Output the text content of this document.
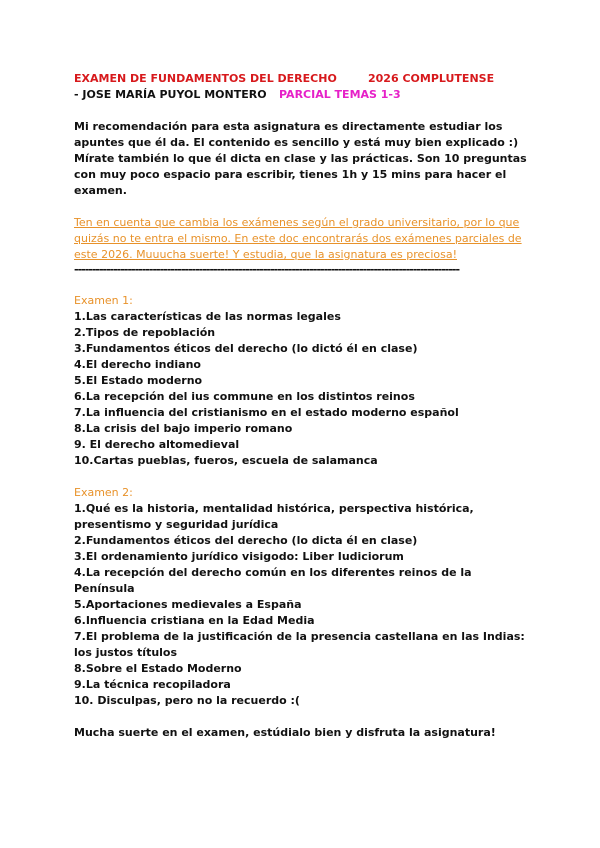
EXAMEN DE FUNDAMENTOS DEL DERECHO	2026 COMPLUTENSE
- JOSE MARÍA PUYOL MONTERO PARCIAL TEMAS 1-3

Mi recomendación para esta asignatura es directamente estudiar los apuntes que él da. El contenido es sencillo y está muy bien explicado :) Mírate también lo que él dicta en clase y las prácticas. Son 10 preguntas con muy poco espacio para escribir, tienes 1h y 15 mins para hacer el examen.

Ten en cuenta que cambia los exámenes según el grado universitario, por lo que quizás no te entra el mismo. En este doc encontrarás dos exámenes parciales de este 2026. Muuucha suerte! Y estudia, que la asignatura es preciosa!

------------------------------------------------------------------------------------------------------------

Examen 1:

1.Las características de las normas legales
2.Tipos de repoblación
3.Fundamentos éticos del derecho (lo dictó él en clase)
4.El derecho indiano
5.El Estado moderno
6.La recepción del ius commune en los distintos reinos
7.La influencia del cristianismo en el estado moderno español
8.La crisis del bajo imperio romano
9. El derecho altomedieval
10.Cartas pueblas, fueros, escuela de salamanca

Examen 2:

1.Qué es la historia, mentalidad histórica, perspectiva histórica, presentismo y seguridad jurídica
2.Fundamentos éticos del derecho (lo dicta él en clase)
3.El ordenamiento jurídico visigodo: Liber Iudiciorum
4.La recepción del derecho común en los diferentes reinos de la Península
5.Aportaciones medievales a España
6.Influencia cristiana en la Edad Media
7.El problema de la justificación de la presencia castellana en las Indias: los justos títulos
8.Sobre el Estado Moderno
9.La técnica recopiladora
10. Disculpas, pero no la recuerdo :(

Mucha suerte en el examen, estúdialo bien y disfruta la asignatura!
